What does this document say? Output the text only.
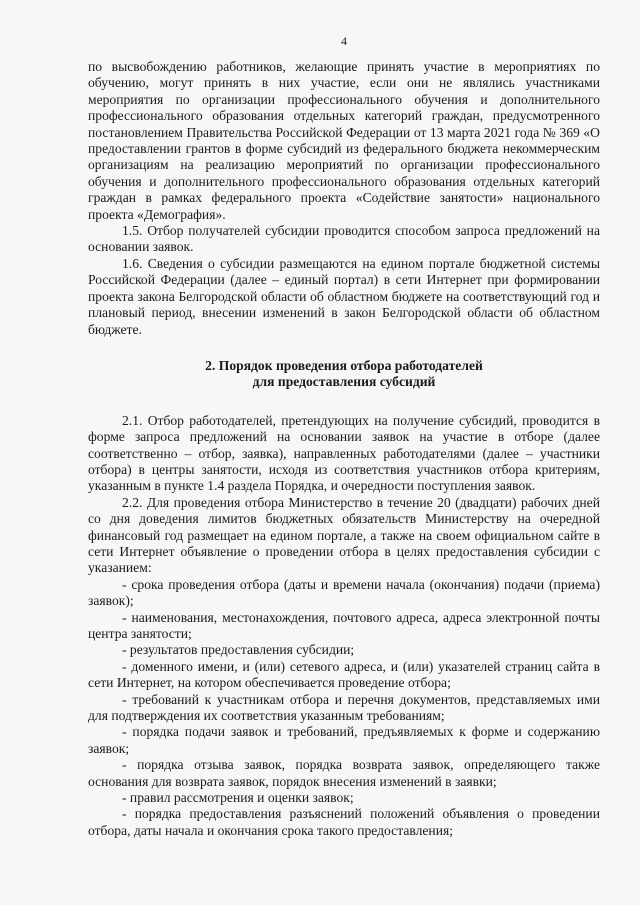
4

по высвобождению работников, желающие принять участие в мероприятиях по обучению, могут принять в них участие, если они не являлись участниками мероприятия по организации профессионального обучения и дополнительного профессионального образования отдельных категорий граждан, предусмотренного постановлением Правительства Российской Федерации от 13 марта 2021 года № 369 «О предоставлении грантов в форме субсидий из федерального бюджета некоммерческим организациям на реализацию мероприятий по организации профессионального обучения и дополнительного профессионального образования отдельных категорий граждан в рамках федерального проекта «Содействие занятости» национального проекта «Демография».

1.5. Отбор получателей субсидии проводится способом запроса предложений на основании заявок.

1.6. Сведения о субсидии размещаются на едином портале бюджетной системы Российской Федерации (далее – единый портал) в сети Интернет при формировании проекта закона Белгородской области об областном бюджете на соответствующий год и плановый период, внесении изменений в закон Белгородской области об областном бюджете.

2. Порядок проведения отбора работодателей
для предоставления субсидий

2.1. Отбор работодателей, претендующих на получение субсидий, проводится в форме запроса предложений на основании заявок на участие в отборе (далее соответственно – отбор, заявка), направленных работодателями (далее – участники отбора) в центры занятости, исходя из соответствия участников отбора критериям, указанным в пункте 1.4 раздела Порядка, и очередности поступления заявок.

2.2. Для проведения отбора Министерство в течение 20 (двадцати) рабочих дней со дня доведения лимитов бюджетных обязательств Министерству на очередной финансовый год размещает на едином портале, а также на своем официальном сайте в сети Интернет объявление о проведении отбора в целях предоставления субсидии с указанием:

- срока проведения отбора (даты и времени начала (окончания) подачи (приема) заявок);

- наименования, местонахождения, почтового адреса, адреса электронной почты центра занятости;

- результатов предоставления субсидии;

- доменного имени, и (или) сетевого адреса, и (или) указателей страниц сайта в сети Интернет, на котором обеспечивается проведение отбора;

- требований к участникам отбора и перечня документов, представляемых ими для подтверждения их соответствия указанным требованиям;

- порядка подачи заявок и требований, предъявляемых к форме и содержанию заявок;

- порядка отзыва заявок, порядка возврата заявок, определяющего также основания для возврата заявок, порядок внесения изменений в заявки;

- правил рассмотрения и оценки заявок;

- порядка предоставления разъяснений положений объявления о проведении отбора, даты начала и окончания срока такого предоставления;
